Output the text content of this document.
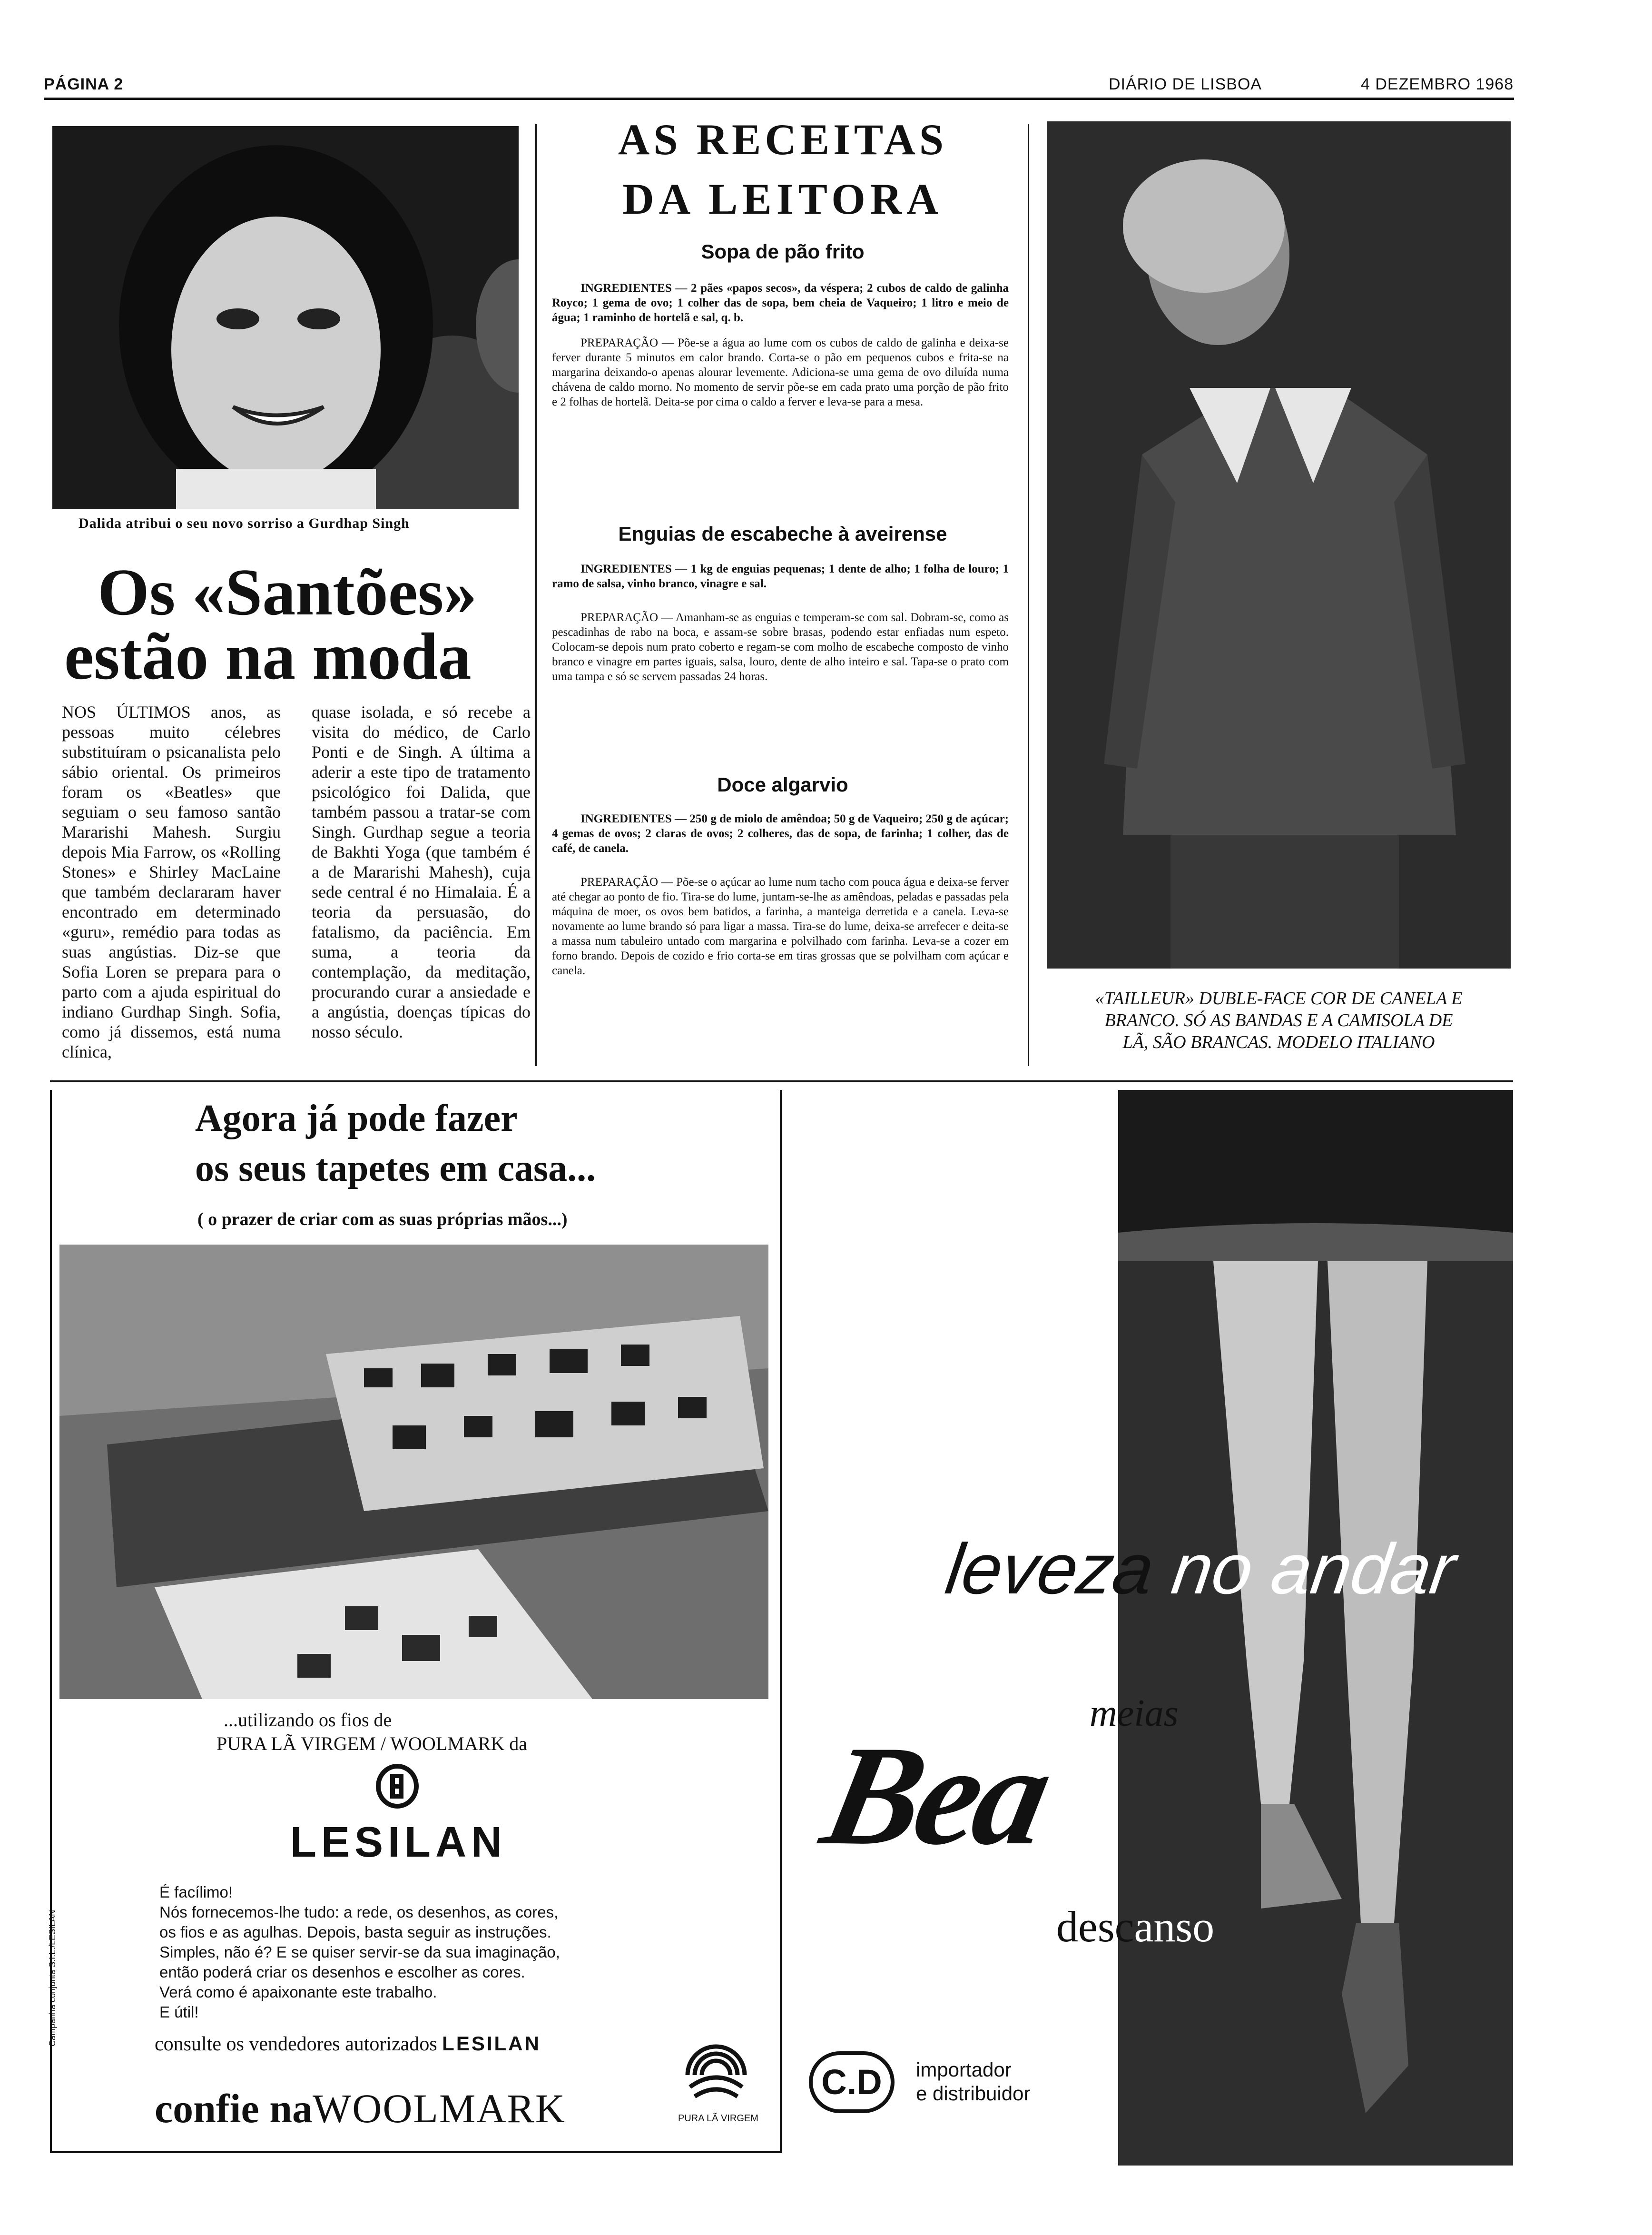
PÁGINA 2	DIÁRIO DE LISBOA	4 DEZEMBRO 1968
Dalida atribui o seu novo sorriso a Gurdhap Singh
Os «Santões»
estão na moda
NOS ÚLTIMOS anos, as pessoas muito célebres substituíram o psicanalista pelo sábio oriental. Os primeiros foram os «Beatles» que seguiam o seu famoso santão Mararishi Mahesh. Surgiu depois Mia Farrow, os «Rolling Stones» e Shirley MacLaine que também declararam haver encontrado em determinado «guru», remédio para todas as suas angústias. Diz-se que Sofia Loren se prepara para o parto com a ajuda espiritual do indiano Gurdhap Singh. Sofia, como já dissemos, está numa clínica,
quase isolada, e só recebe a visita do médico, de Carlo Ponti e de Singh. A última a aderir a este tipo de tratamento psicológico foi Dalida, que também passou a tratar-se com Singh. Gurdhap segue a teoria de Bakhti Yoga (que também é a de Mararishi Mahesh), cuja sede central é no Himalaia. É a teoria da persuasão, do fatalismo, da paciência. Em suma, a teoria da contemplação, da meditação, procurando curar a ansiedade e a angústia, doenças típicas do nosso século.
AS RECEITAS
DA LEITORA
Sopa de pão frito

INGREDIENTES — 2 pães «papos secos», da véspera; 2 cubos de caldo de galinha Royco; 1 gema de ovo; 1 colher das de sopa, bem cheia de Vaqueiro; 1 litro e meio de água; 1 raminho de hortelã e sal, q. b.

PREPARAÇÃO — Põe-se a água ao lume com os cubos de caldo de galinha e deixa-se ferver durante 5 minutos em calor brando. Corta-se o pão em pequenos cubos e frita-se na margarina deixando-o apenas alourar levemente. Adiciona-se uma gema de ovo diluída numa chávena de caldo morno. No momento de servir põe-se em cada prato uma porção de pão frito e 2 folhas de hortelã. Deita-se por cima o caldo a ferver e leva-se para a mesa.

Enguias de escabeche à aveirense

INGREDIENTES — 1 kg de enguias pequenas; 1 dente de alho; 1 folha de louro; 1 ramo de salsa, vinho branco, vinagre e sal.

PREPARAÇÃO — Amanham-se as enguias e temperam-se com sal. Dobram-se, como as pescadinhas de rabo na boca, e assam-se sobre brasas, podendo estar enfiadas num espeto. Colocam-se depois num prato coberto e regam-se com molho de escabeche composto de vinho branco e vinagre em partes iguais, salsa, louro, dente de alho inteiro e sal. Tapa-se o prato com uma tampa e só se servem passadas 24 horas.

Doce algarvio

INGREDIENTES — 250 g de miolo de amêndoa; 50 g de Vaqueiro; 250 g de açúcar; 4 gemas de ovos; 2 claras de ovos; 2 colheres, das de sopa, de farinha; 1 colher, das de café, de canela.

PREPARAÇÃO — Põe-se o açúcar ao lume num tacho com pouca água e deixa-se ferver até chegar ao ponto de fio. Tira-se do lume, juntam-se-lhe as amêndoas, peladas e passadas pela máquina de moer, os ovos bem batidos, a farinha, a manteiga derretida e a canela. Leva-se novamente ao lume brando só para ligar a massa. Tira-se do lume, deixa-se arrefecer e deita-se a massa num tabuleiro untado com margarina e polvilhado com farinha. Leva-se a cozer em forno brando. Depois de cozido e frio corta-se em tiras grossas que se polvilham com açúcar e canela.

«TAILLEUR» DUBLE-FACE COR DE CANELA E
BRANCO. SÓ AS BANDAS E A CAMISOLA DE
LÃ, SÃO BRANCAS. MODELO ITALIANO
Agora já pode fazer
os seus tapetes em casa...
( o prazer de criar com as suas próprias mãos...)
...utilizando os fios de
PURA LÃ VIRGEM / WOOLMARK da
LESILAN
É facílimo!
Nós fornecemos-lhe tudo: a rede, os desenhos, as cores,
os fios e as agulhas. Depois, basta seguir as instruções.
Simples, não é? E se quiser servir-se da sua imaginação,
então poderá criar os desenhos e escolher as cores.
Verá como é apaixonante este trabalho.
E útil!
consulte os vendedores autorizados LESILAN
confie naWOOLMARK	PURA LÃ VIRGEM
Campanha conjunta S.I.L./LESILAN
leveza no andar
meias
Bea
descanso
C.D	importador
e distribuidor
